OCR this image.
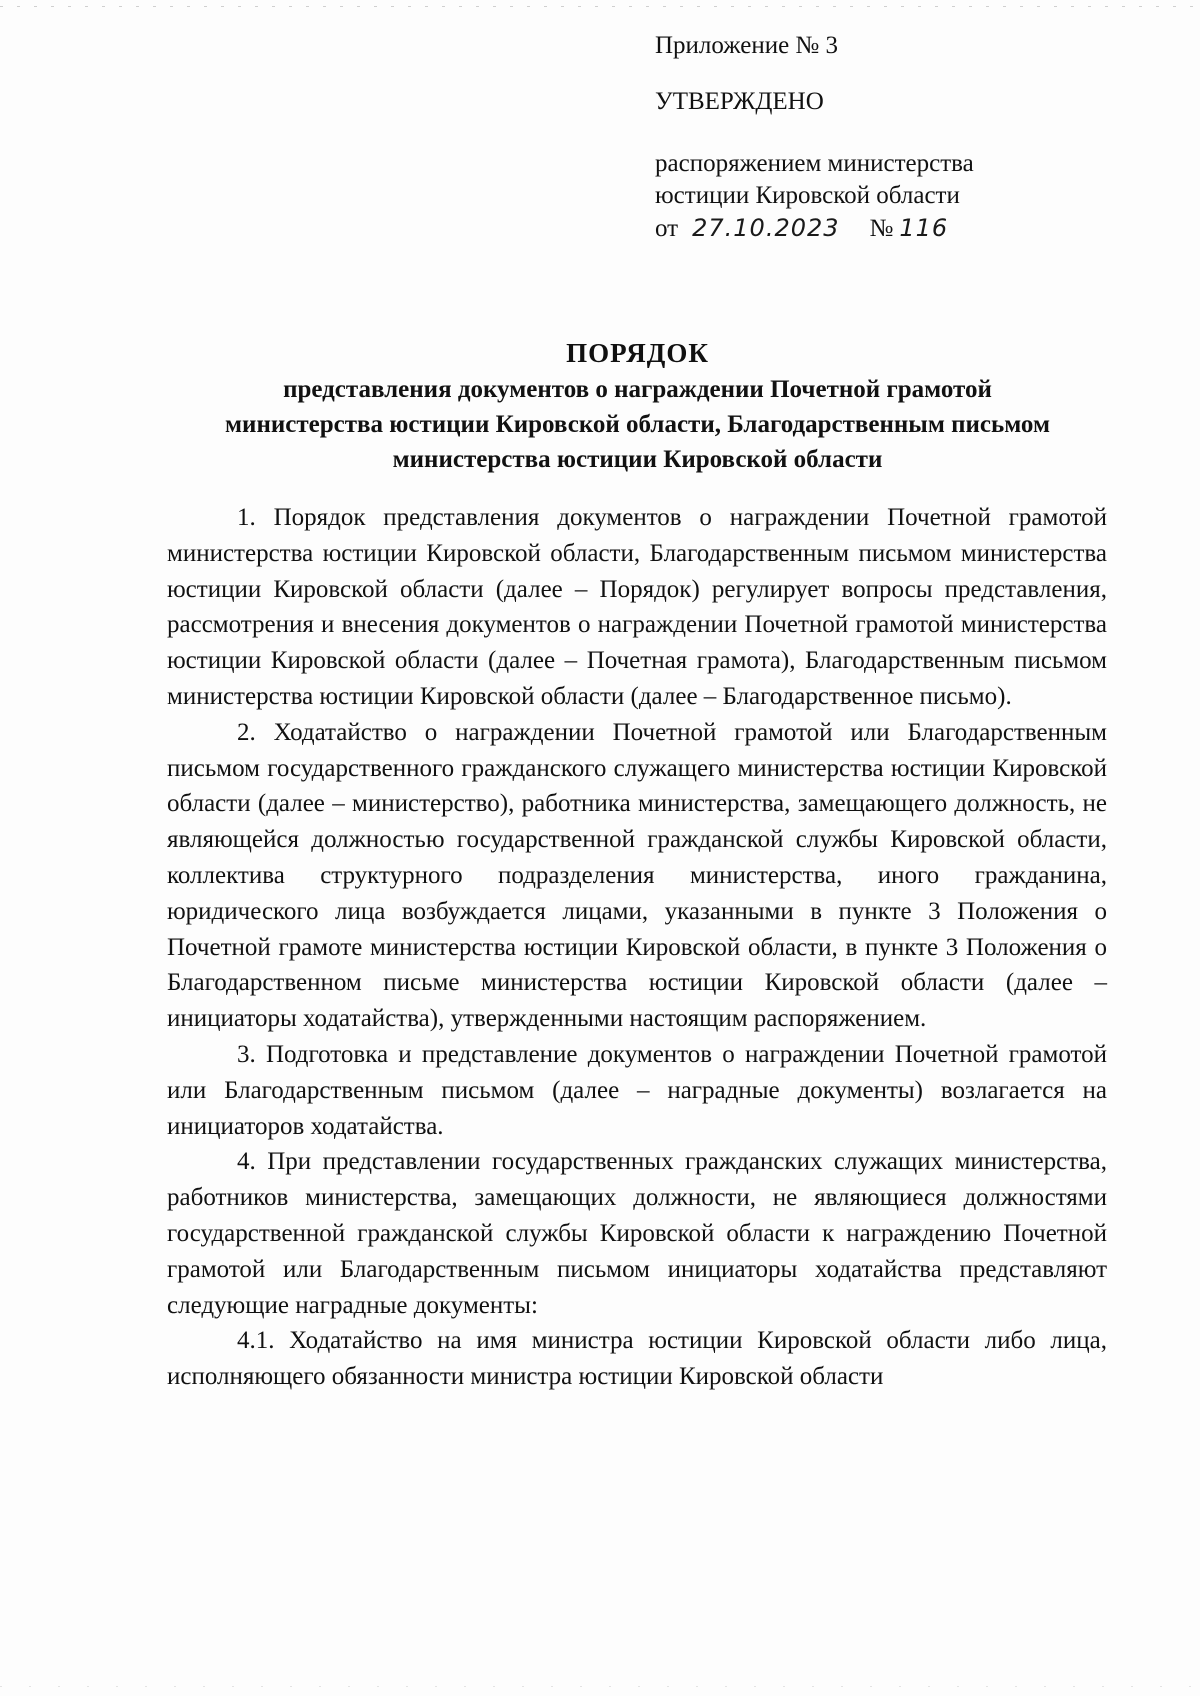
Приложение № 3
УТВЕРЖДЕНО
распоряжением министерства
юстиции Кировской области
от 27.10.2023 № 116
ПОРЯДОК
представления документов о награждении Почетной грамотой
министерства юстиции Кировской области, Благодарственным письмом
министерства юстиции Кировской области

1. Порядок представления документов о награждении Почетной грамотой министерства юстиции Кировской области, Благодарственным письмом министерства юстиции Кировской области (далее – Порядок) регулирует вопросы представления, рассмотрения и внесения документов о награждении Почетной грамотой министерства юстиции Кировской области (далее – Почетная грамота), Благодарственным письмом министерства юстиции Кировской области (далее – Благодарственное письмо).

2. Ходатайство о награждении Почетной грамотой или Благодарственным письмом государственного гражданского служащего министерства юстиции Кировской области (далее – министерство), работника министерства, замещающего должность, не являющейся должностью государственной гражданской службы Кировской области, коллектива структурного подразделения министерства, иного гражданина, юридического лица возбуждается лицами, указанными в пункте 3 Положения о Почетной грамоте министерства юстиции Кировской области, в пункте 3 Положения о Благодарственном письме министерства юстиции Кировской области (далее – инициаторы ходатайства), утвержденными настоящим распоряжением.

3. Подготовка и представление документов о награждении Почетной грамотой или Благодарственным письмом (далее – наградные документы) возлагается на инициаторов ходатайства.

4. При представлении государственных гражданских служащих министерства, работников министерства, замещающих должности, не являющиеся должностями государственной гражданской службы Кировской области к награждению Почетной грамотой или Благодарственным письмом инициаторы ходатайства представляют следующие наградные документы:

4.1. Ходатайство на имя министра юстиции Кировской области либо лица, исполняющего обязанности министра юстиции Кировской области
